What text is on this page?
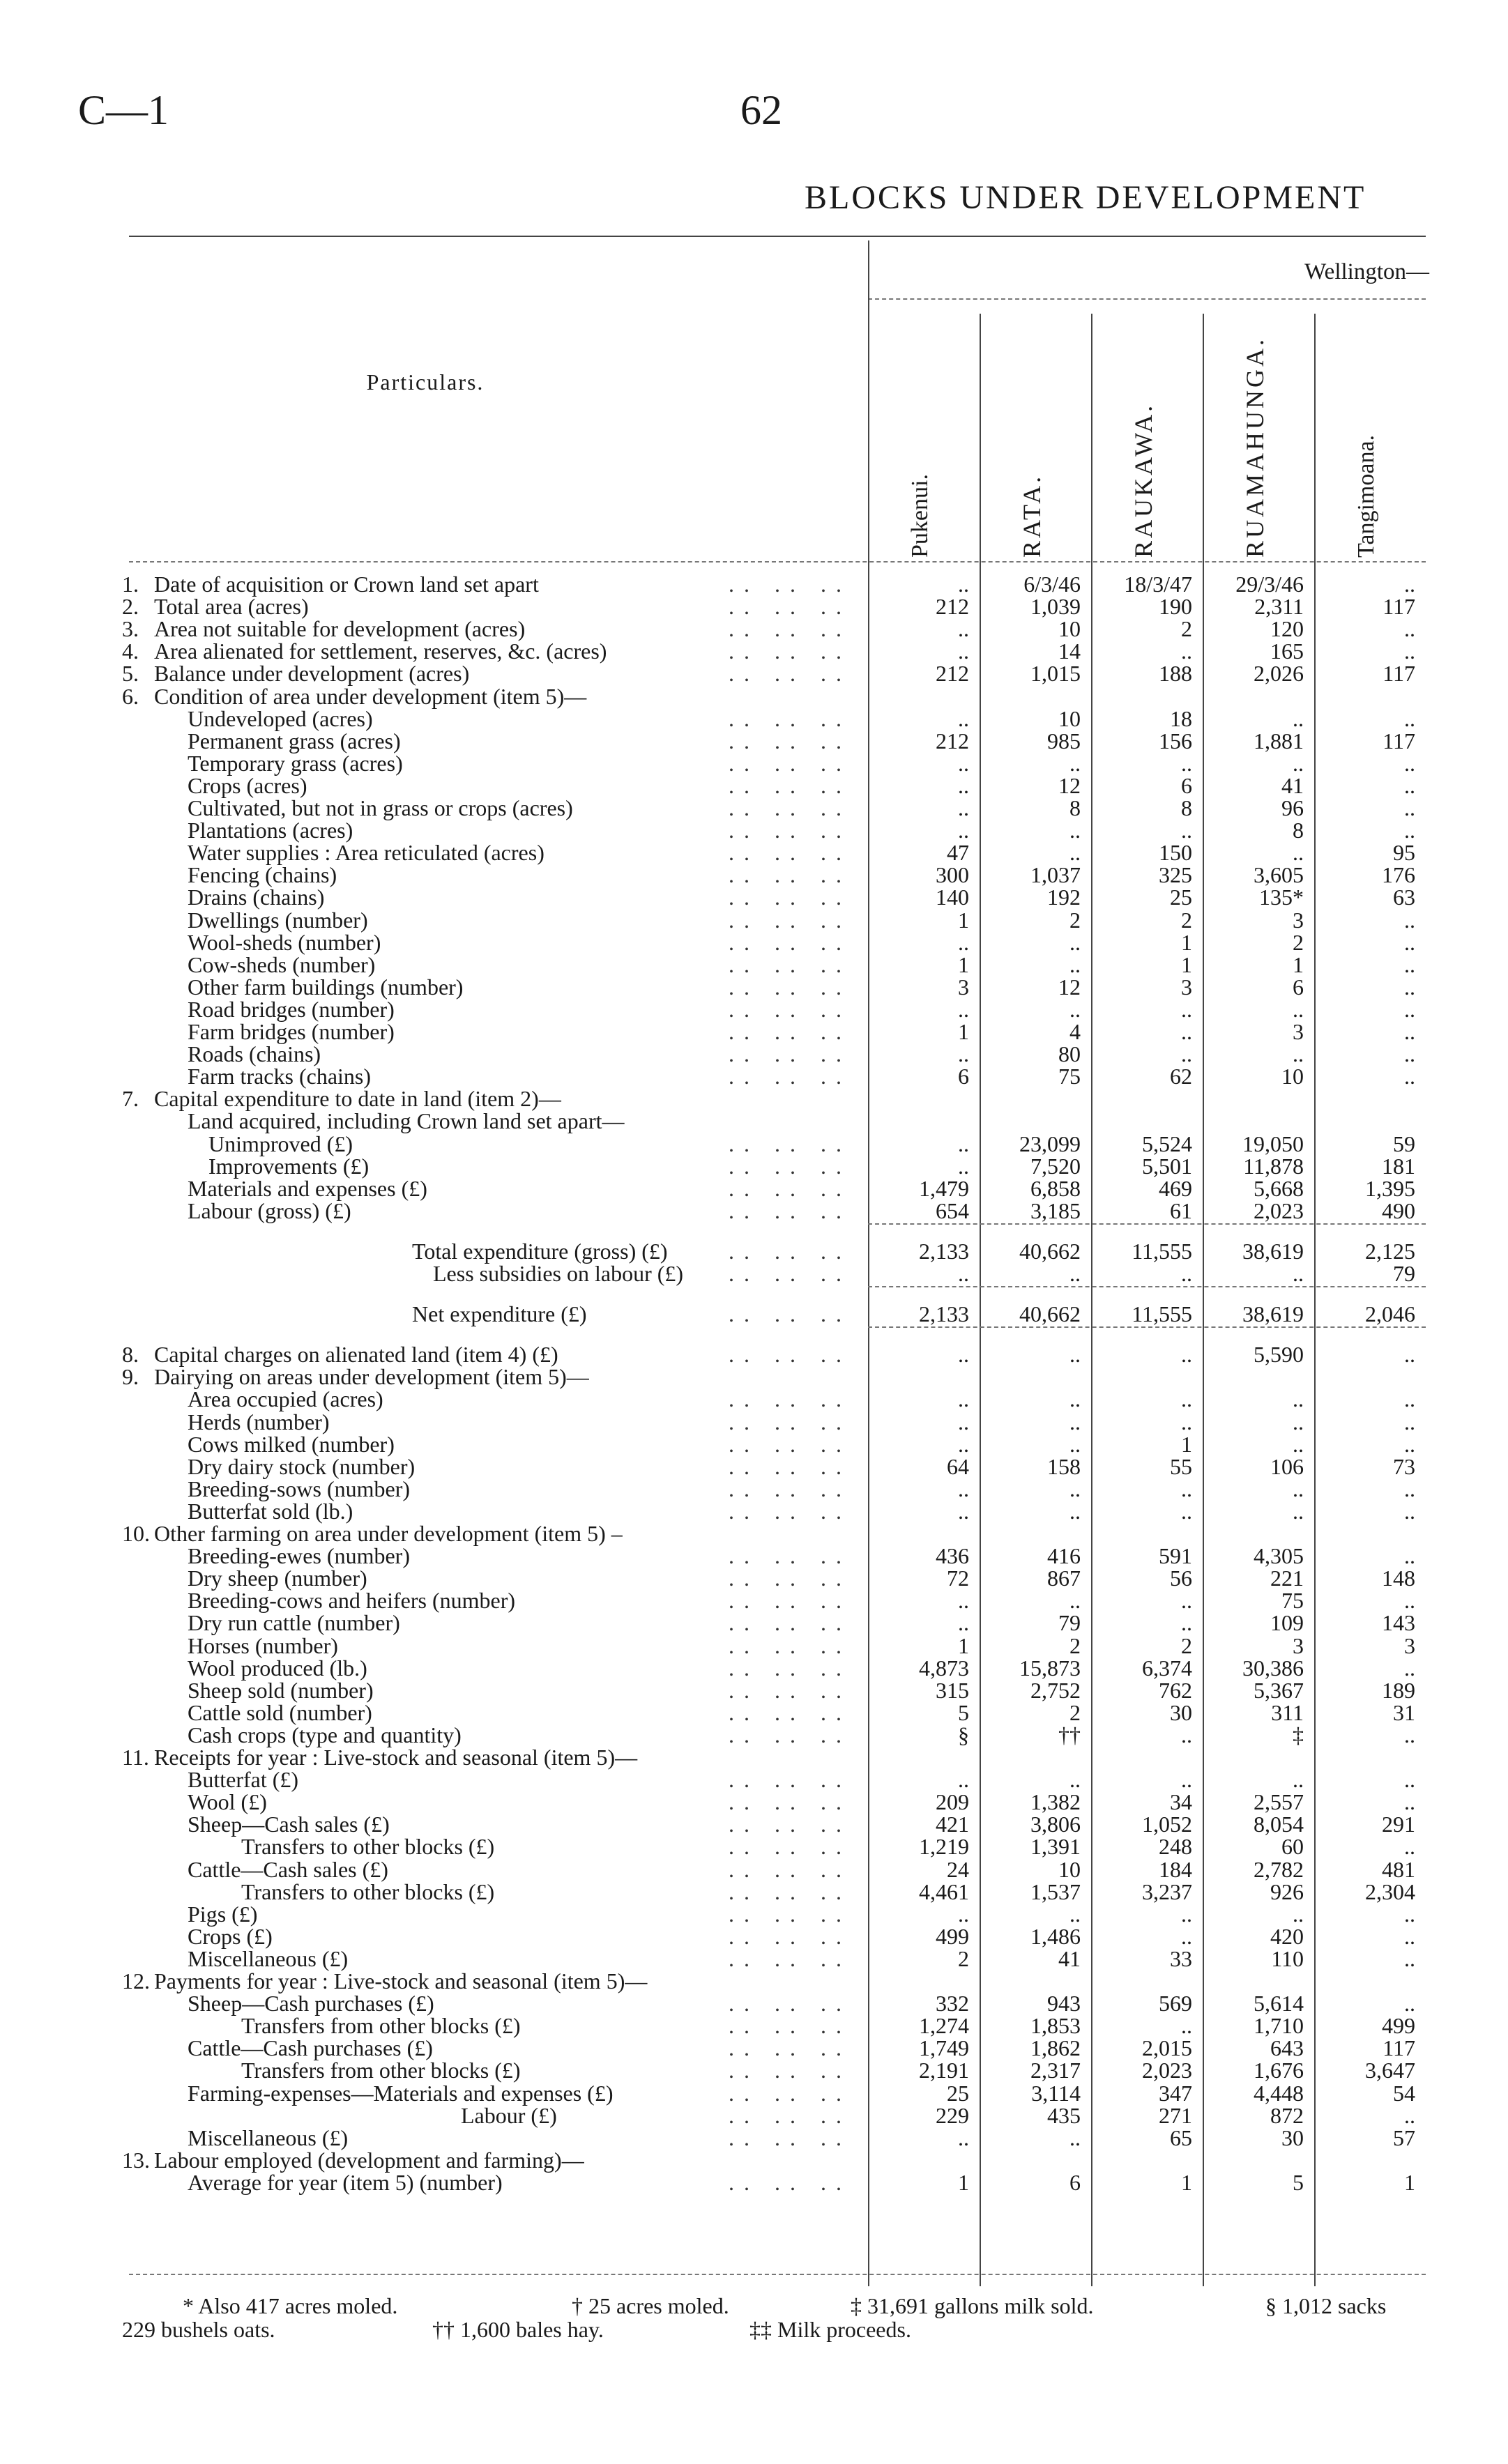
C—1	62
BLOCKS UNDER DEVELOPMENT
Wellington—
Particulars.
Pukenui.	RATA.	RAUKAWA.	RUAMAHUNGA.	Tangimoana.
1. Date of acquisition or Crown land set apart	.. .. ..	..	6/3/46	18/3/47	29/3/46	..
2. Total area (acres)	.. .. ..	212	1,039	190	2,311	117
3. Area not suitable for development (acres)	.. .. ..	..	10	2	120	..
4. Area alienated for settlement, reserves, &c. (acres)	.. .. ..	..	14	..	165	..
5. Balance under development (acres)	.. .. ..	212	1,015	188	2,026	117
6. Condition of area under development (item 5)—
Undeveloped (acres)	.. .. ..	..	10	18	..	..
Permanent grass (acres)	.. .. ..	212	985	156	1,881	117
Temporary grass (acres)	.. .. ..	..	..	..	..	..
Crops (acres)	.. .. ..	..	12	6	41	..
Cultivated, but not in grass or crops (acres)	.. .. ..	..	8	8	96	..
Plantations (acres)	.. .. ..	..	..	..	8	..
Water supplies : Area reticulated (acres)	.. .. ..	47	..	150	..	95
Fencing (chains)	.. .. ..	300	1,037	325	3,605	176
Drains (chains)	.. .. ..	140	192	25	135*	63
Dwellings (number)	.. .. ..	1	2	2	3	..
Wool-sheds (number)	.. .. ..	..	..	1	2	..
Cow-sheds (number)	.. .. ..	1	..	1	1	..
Other farm buildings (number)	.. .. ..	3	12	3	6	..
Road bridges (number)	.. .. ..	..	..	..	..	..
Farm bridges (number)	.. .. ..	1	4	..	3	..
Roads (chains)	.. .. ..	..	80	..	..	..
Farm tracks (chains)	.. .. ..	6	75	62	10	..
7. Capital expenditure to date in land (item 2)—
Land acquired, including Crown land set apart—
Unimproved (£)	.. .. ..	..	23,099	5,524	19,050	59
Improvements (£)	.. .. ..	..	7,520	5,501	11,878	181
Materials and expenses (£)	.. .. ..	1,479	6,858	469	5,668	1,395
Labour (gross) (£)	.. .. ..	654	3,185	61	2,023	490
Total expenditure (gross) (£)	.. .. ..	2,133	40,662	11,555	38,619	2,125
Less subsidies on labour (£) .. .. ..	..	..	..	..	79
Net expenditure (£)	.. .. ..	2,133	40,662	11,555	38,619	2,046
8. Capital charges on alienated land (item 4) (£)	.. .. ..	..	..	..	5,590	..
9. Dairying on areas under development (item 5)—
Area occupied (acres)	.. .. ..	..	..	..	..	..
Herds (number)	.. .. ..	..	..	..	..	..
Cows milked (number)	.. .. ..	..	..	1	..	..
Dry dairy stock (number)	.. .. ..	64	158	55	106	73
Breeding-sows (number)	.. .. ..	..	..	..	..	..
Butterfat sold (lb.)	.. .. ..	..	..	..	..	..
10. Other farming on area under development (item 5) –
Breeding-ewes (number)	.. .. ..	436	416	591	4,305	..
Dry sheep (number)	.. .. ..	72	867	56	221	148
Breeding-cows and heifers (number)	.. .. ..	..	..	..	75	..
Dry run cattle (number)	.. .. ..	..	79	..	109	143
Horses (number)	.. .. ..	1	2	2	3	3
Wool produced (lb.)	.. .. ..	4,873	15,873	6,374	30,386	..
Sheep sold (number)	.. .. ..	315	2,752	762	5,367	189
Cattle sold (number)	.. .. ..	5	2	30	311	31
Cash crops (type and quantity)	.. .. ..	§	††	..	‡	..
11. Receipts for year : Live-stock and seasonal (item 5)—
Butterfat (£)	.. .. ..	..	..	..	..	..
Wool (£)	.. .. ..	209	1,382	34	2,557	..
Sheep—Cash sales (£)	.. .. ..	421	3,806	1,052	8,054	291
Transfers to other blocks (£)	.. .. ..	1,219	1,391	248	60	..
Cattle—Cash sales (£)	.. .. ..	24	10	184	2,782	481
Transfers to other blocks (£)	.. .. ..	4,461	1,537	3,237	926	2,304
Pigs (£)	.. .. ..	..	..	..	..	..
Crops (£)	.. .. ..	499	1,486	..	420	..
Miscellaneous (£)	.. .. ..	2	41	33	110	..
12. Payments for year : Live-stock and seasonal (item 5)—
Sheep—Cash purchases (£)	.. .. ..	332	943	569	5,614	..
Transfers from other blocks (£)	.. .. ..	1,274	1,853	..	1,710	499
Cattle—Cash purchases (£)	.. .. ..	1,749	1,862	2,015	643	117
Transfers from other blocks (£)	.. .. ..	2,191	2,317	2,023	1,676	3,647
Farming-expenses—Materials and expenses (£)	.. .. ..	25	3,114	347	4,448	54
Labour (£)	.. .. ..	229	435	271	872	..
Miscellaneous (£)	.. .. ..	..	..	65	30	57
13. Labour employed (development and farming)—
Average for year (item 5) (number)	.. .. ..	1	6	1	5	1
* Also 417 acres moled.	† 25 acres moled.	‡ 31,691 gallons milk sold.	§ 1,012 sacks
229 bushels oats.	†† 1,600 bales hay.	‡‡ Milk proceeds.
